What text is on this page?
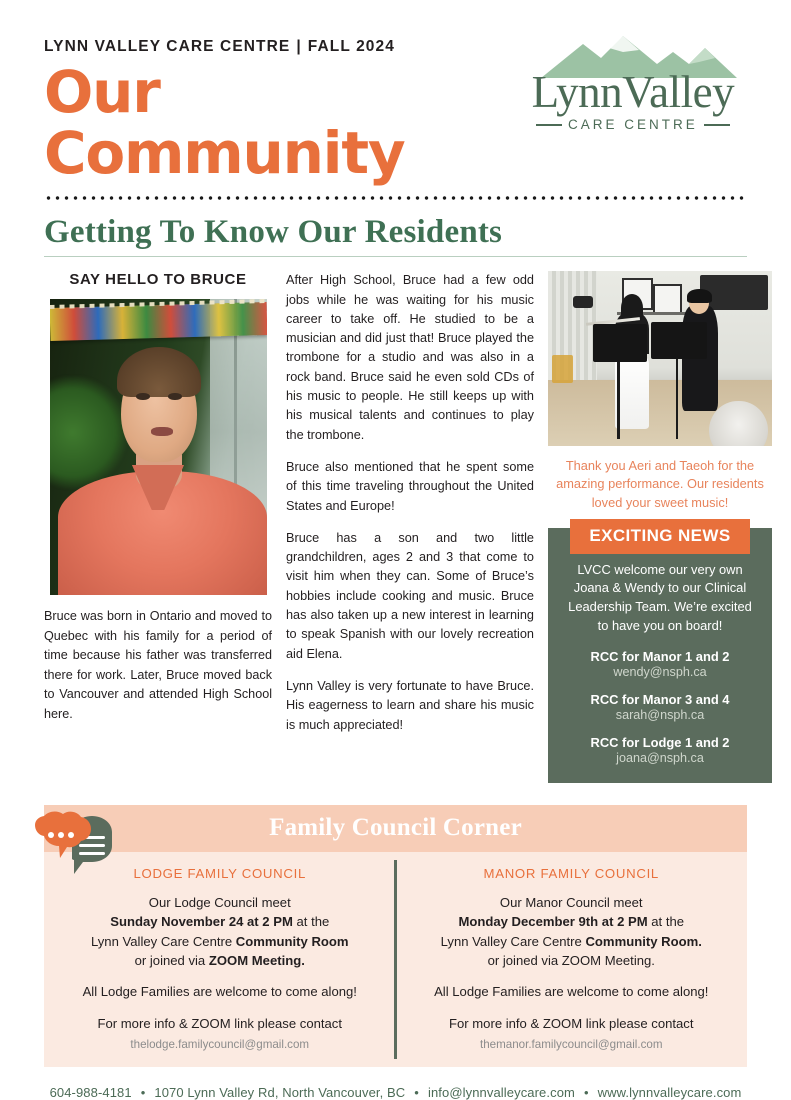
LYNN VALLEY CARE CENTRE | FALL 2024
Our Community
LynnValley
CARE CENTRE
Getting To Know Our Residents
SAY HELLO TO BRUCE
Bruce was born in Ontario and moved to Quebec with his family for a period of time because his father was transferred there for work. Later, Bruce moved back to Vancouver and attended High School here.

After High School, Bruce had a few odd jobs while he was waiting for his music career to take off. He studied to be a musician and did just that! Bruce played the trombone for a studio and was also in a rock band. Bruce said he even sold CDs of his music to people. He still keeps up with his musical talents and continues to play the trombone.

Bruce also mentioned that he spent some of this time traveling throughout the United States and Europe!

Bruce has a son and two little grandchildren, ages 2 and 3 that come to visit him when they can. Some of Bruce’s hobbies include cooking and music. Bruce has also taken up a new interest in learning to speak Spanish with our lovely recreation aid Elena.

Lynn Valley is very fortunate to have Bruce. His eagerness to learn and share his music is much appreciated!

Thank you Aeri and Taeoh for the amazing performance. Our residents loved your sweet music!
EXCITING NEWS
LVCC welcome our very own Joana & Wendy to our Clinical Leadership Team. We’re excited to have you on board!
RCC for Manor 1 and 2
wendy@nsph.ca
RCC for Manor 3 and 4
sarah@nsph.ca
RCC for Lodge 1 and 2
joana@nsph.ca
Family Council Corner
LODGE FAMILY COUNCIL
Our Lodge Council meet
Sunday November 24 at 2 PM at the
Lynn Valley Care Centre Community Room
or joined via ZOOM Meeting.
All Lodge Families are welcome to come along!
For more info & ZOOM link please contact
thelodge.familycouncil@gmail.com
MANOR FAMILY COUNCIL
Our Manor Council meet
Monday December 9th at 2 PM at the
Lynn Valley Care Centre Community Room.
or joined via ZOOM Meeting.
All Lodge Families are welcome to come along!
For more info & ZOOM link please contact
themanor.familycouncil@gmail.com
604-988-4181 • 1070 Lynn Valley Rd, North Vancouver, BC • info@lynnvalleycare.com • www.lynnvalleycare.com
